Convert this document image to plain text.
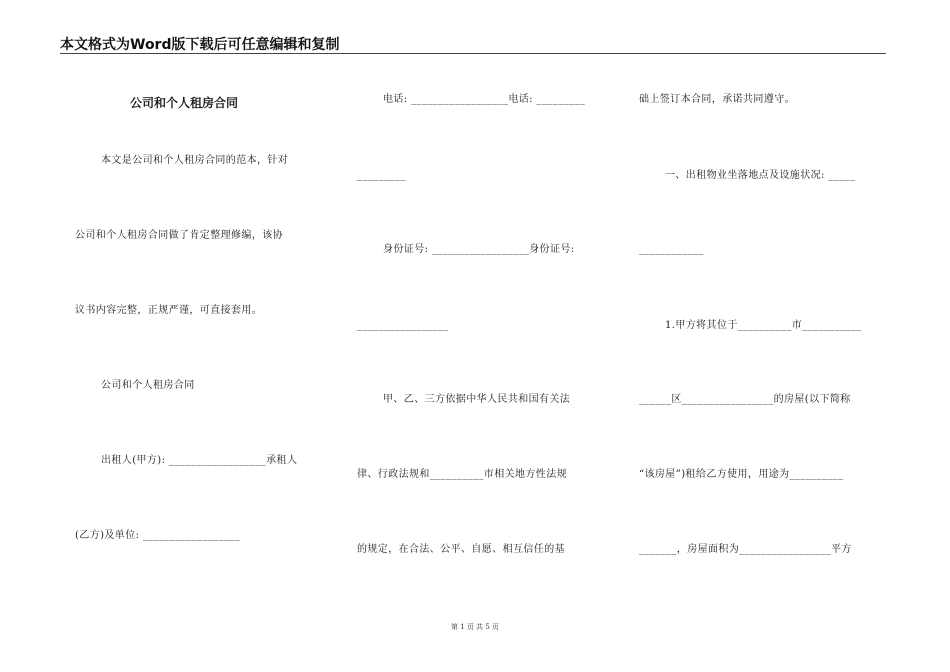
本文格式为Word版下载后可任意编辑和复制
公司和个人租房合同
本文是公司和个人租房合同的范本，针对
公司和个人租房合同做了肯定整理修编，该协
议书内容完整，正规严谨，可直接套用。
公司和个人租房合同
出租人(甲方): __________________承租人
(乙方)及单位: __________________
电话: __________________电话: _________
_________
身份证号: __________________身份证号:
_________________
甲、乙、三方依据中华人民共和国有关法
律、行政法规和__________市相关地方性法规
的规定，在合法、公平、自愿、相互信任的基
础上签订本合同，承诺共同遵守。
一、出租物业坐落地点及设施状况: _____
____________
1.甲方将其位于__________市___________
______区_________________的房屋(以下简称
“该房屋”)租给乙方使用，用途为__________
_______，房屋面积为_________________平方
第 1 页 共 5 页
